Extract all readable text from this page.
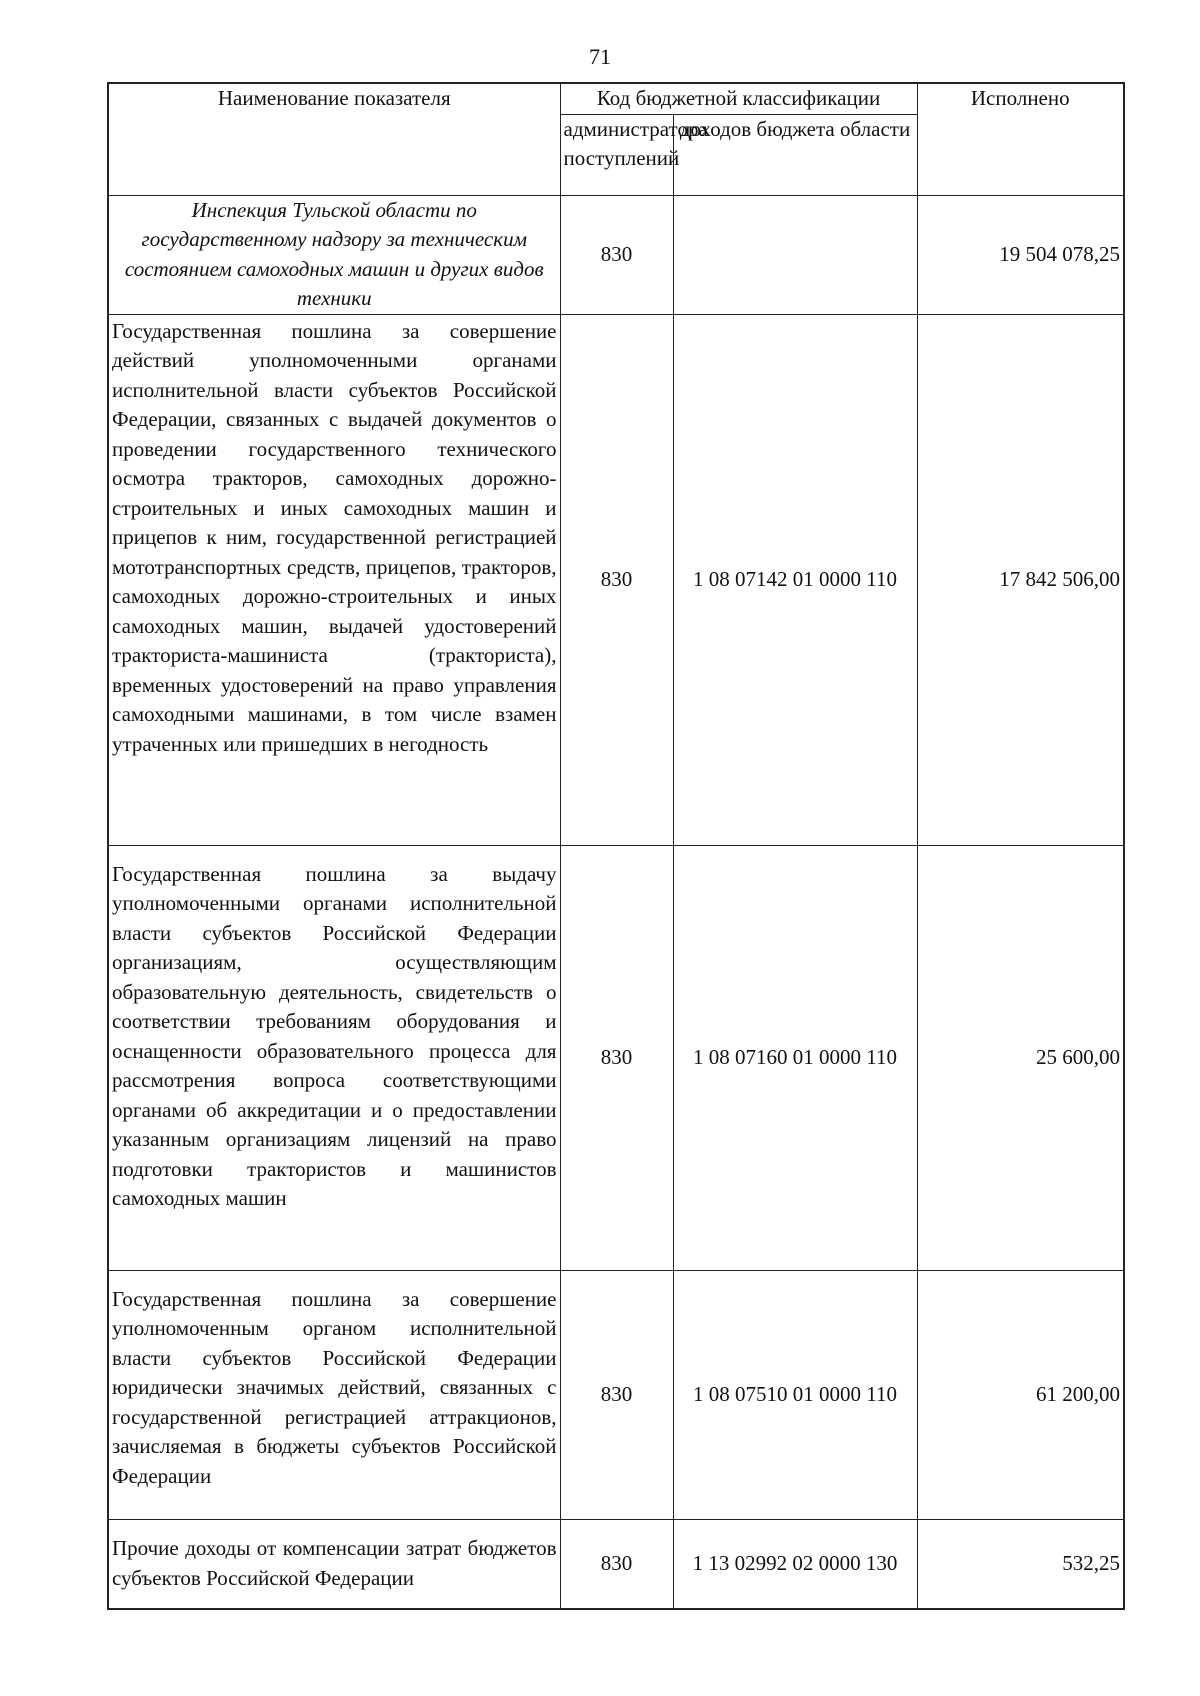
71
Наименование показателя	Код бюджетной классификации		Исполнено
	администратора поступлений	доходов бюджета области	
Инспекция Тульской области по государственному надзору за техническим состоянием самоходных машин и других видов техники	830		19 504 078,25
Государственная пошлина за совершение действий уполномоченными органами исполнительной власти субъектов Российской Федерации, связанных с выдачей документов о проведении государственного технического осмотра тракторов, самоходных дорожно-строительных и иных самоходных машин и прицепов к ним, государственной регистрацией мототранспортных средств, прицепов, тракторов, самоходных дорожно-строительных и иных самоходных машин, выдачей удостоверений тракториста-машиниста (тракториста), временных удостоверений на право управления самоходными машинами, в том числе взамен утраченных или пришедших в негодность	830	1 08 07142 01 0000 110	17 842 506,00
Государственная пошлина за выдачу уполномоченными органами исполнительной власти субъектов Российской Федерации организациям, осуществляющим образовательную деятельность, свидетельств о соответствии требованиям оборудования и оснащенности образовательного процесса для рассмотрения вопроса соответствующими органами об аккредитации и о предоставлении указанным организациям лицензий на право подготовки трактористов и машинистов самоходных машин	830	1 08 07160 01 0000 110	25 600,00
Государственная пошлина за совершение уполномоченным органом исполнительной власти субъектов Российской Федерации юридически значимых действий, связанных с государственной регистрацией аттракционов, зачисляемая в бюджеты субъектов Российской Федерации	830	1 08 07510 01 0000 110	61 200,00
Прочие доходы от компенсации затрат бюджетов субъектов Российской Федерации	830	1 13 02992 02 0000 130	532,25
